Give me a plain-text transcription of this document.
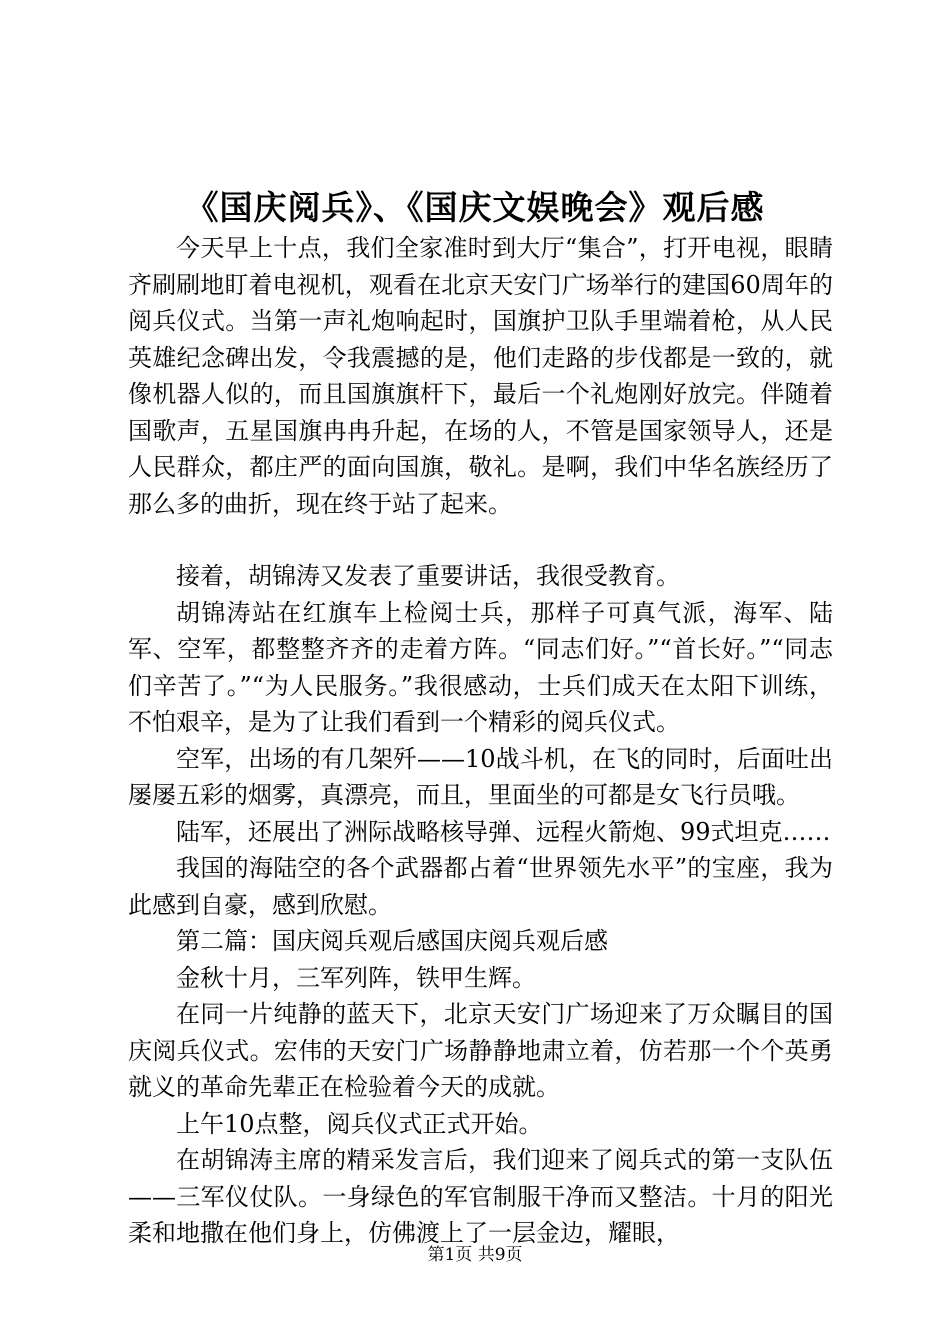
《国庆阅兵》、《国庆文娱晚会》观后感

今天早上十点，我们全家准时到大厅“集合”，打开电视，眼睛齐刷刷地盯着电视机，观看在北京天安门广场举行的建国60周年的阅兵仪式。当第一声礼炮响起时，国旗护卫队手里端着枪，从人民英雄纪念碑出发，令我震撼的是，他们走路的步伐都是一致的，就像机器人似的，而且国旗旗杆下，最后一个礼炮刚好放完。伴随着国歌声，五星国旗冉冉升起，在场的人，不管是国家领导人，还是人民群众，都庄严的面向国旗，敬礼。是啊，我们中华名族经历了那么多的曲折，现在终于站了起来。

接着，胡锦涛又发表了重要讲话，我很受教育。

胡锦涛站在红旗车上检阅士兵，那样子可真气派，海军、陆军、空军，都整整齐齐的走着方阵。“同志们好。”“首长好。”“同志们辛苦了。”“为人民服务。”我很感动，士兵们成天在太阳下训练，不怕艰辛，是为了让我们看到一个精彩的阅兵仪式。

空军，出场的有几架歼——10战斗机，在飞的同时，后面吐出屡屡五彩的烟雾，真漂亮，而且，里面坐的可都是女飞行员哦。

陆军，还展出了洲际战略核导弹、远程火箭炮、99式坦克……

我国的海陆空的各个武器都占着“世界领先水平”的宝座，我为此感到自豪，感到欣慰。

第二篇：国庆阅兵观后感国庆阅兵观后感

金秋十月，三军列阵，铁甲生辉。

在同一片纯静的蓝天下，北京天安门广场迎来了万众瞩目的国庆阅兵仪式。宏伟的天安门广场静静地肃立着，仿若那一个个英勇就义的革命先辈正在检验着今天的成就。

上午10点整，阅兵仪式正式开始。

在胡锦涛主席的精采发言后，我们迎来了阅兵式的第一支队伍——三军仪仗队。一身绿色的军官制服干净而又整洁。十月的阳光柔和地撒在他们身上，仿佛渡上了一层金边，耀眼，

第1页 共9页
